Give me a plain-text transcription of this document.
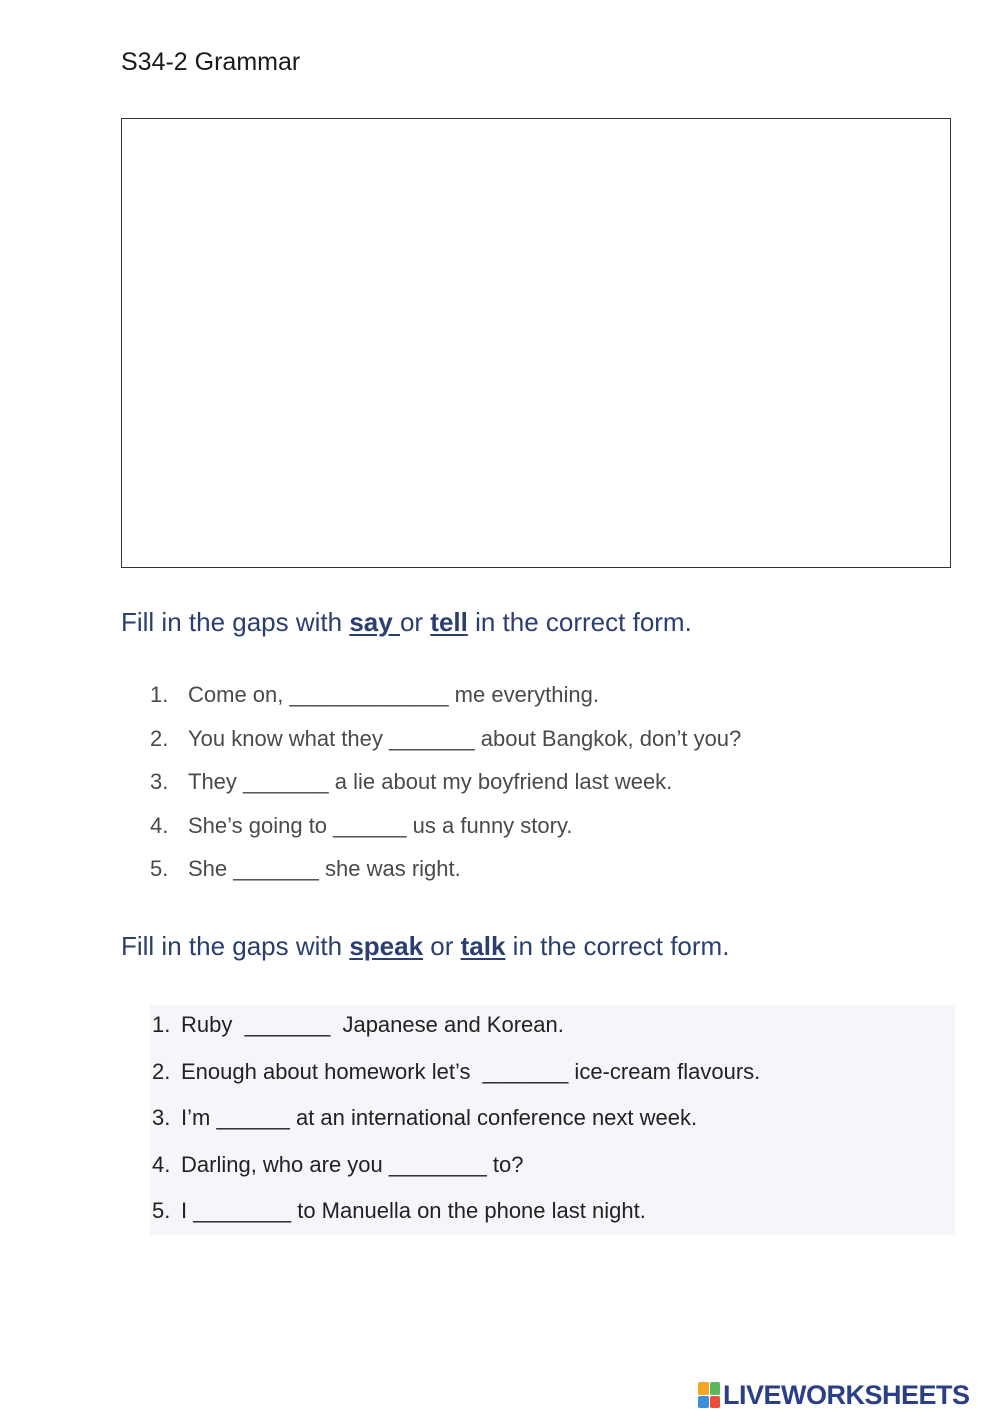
S34-2 Grammar
Fill in the gaps with say or tell in the correct form.
1. Come on, _____________ me everything.
2. You know what they _______ about Bangkok, don’t you?
3. They _______ a lie about my boyfriend last week.
4. She’s going to ______ us a funny story.
5. She _______ she was right.
Fill in the gaps with speak or talk in the correct form.
1. Ruby  _______  Japanese and Korean.
2. Enough about homework let’s  _______ ice-cream flavours.
3. I’m ______ at an international conference next week.
4. Darling, who are you ________ to?
5. I ________ to Manuella on the phone last night.
LIVEWORKSHEETS
